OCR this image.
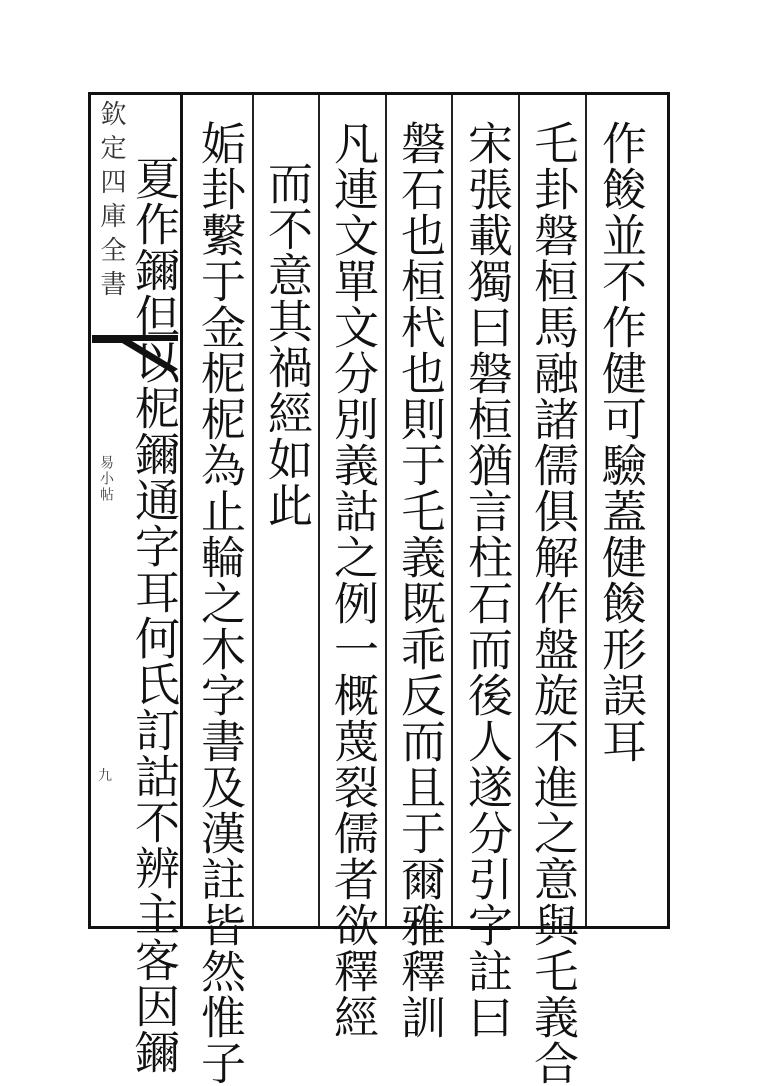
欽定四庫全書
易小帖
九
作餕並不作健可驗蓋健餕形誤耳
乇卦磐桓馬融諸儒俱解作盤旋不進之意與乇義合
宋張載獨曰磐桓猶言柱石而後人遂分引字註曰
磐石也桓杙也則于乇義既乖反而且于爾雅釋訓
凡連文單文分別義詁之例一概蔑裂儒者欲釋經
而不意其禍經如此
姤卦繫于金柅柅為止輪之木字書及漢註皆然惟子
夏作鑈但以柅鑈通字耳何氏訂詁不辨主客因鑈
